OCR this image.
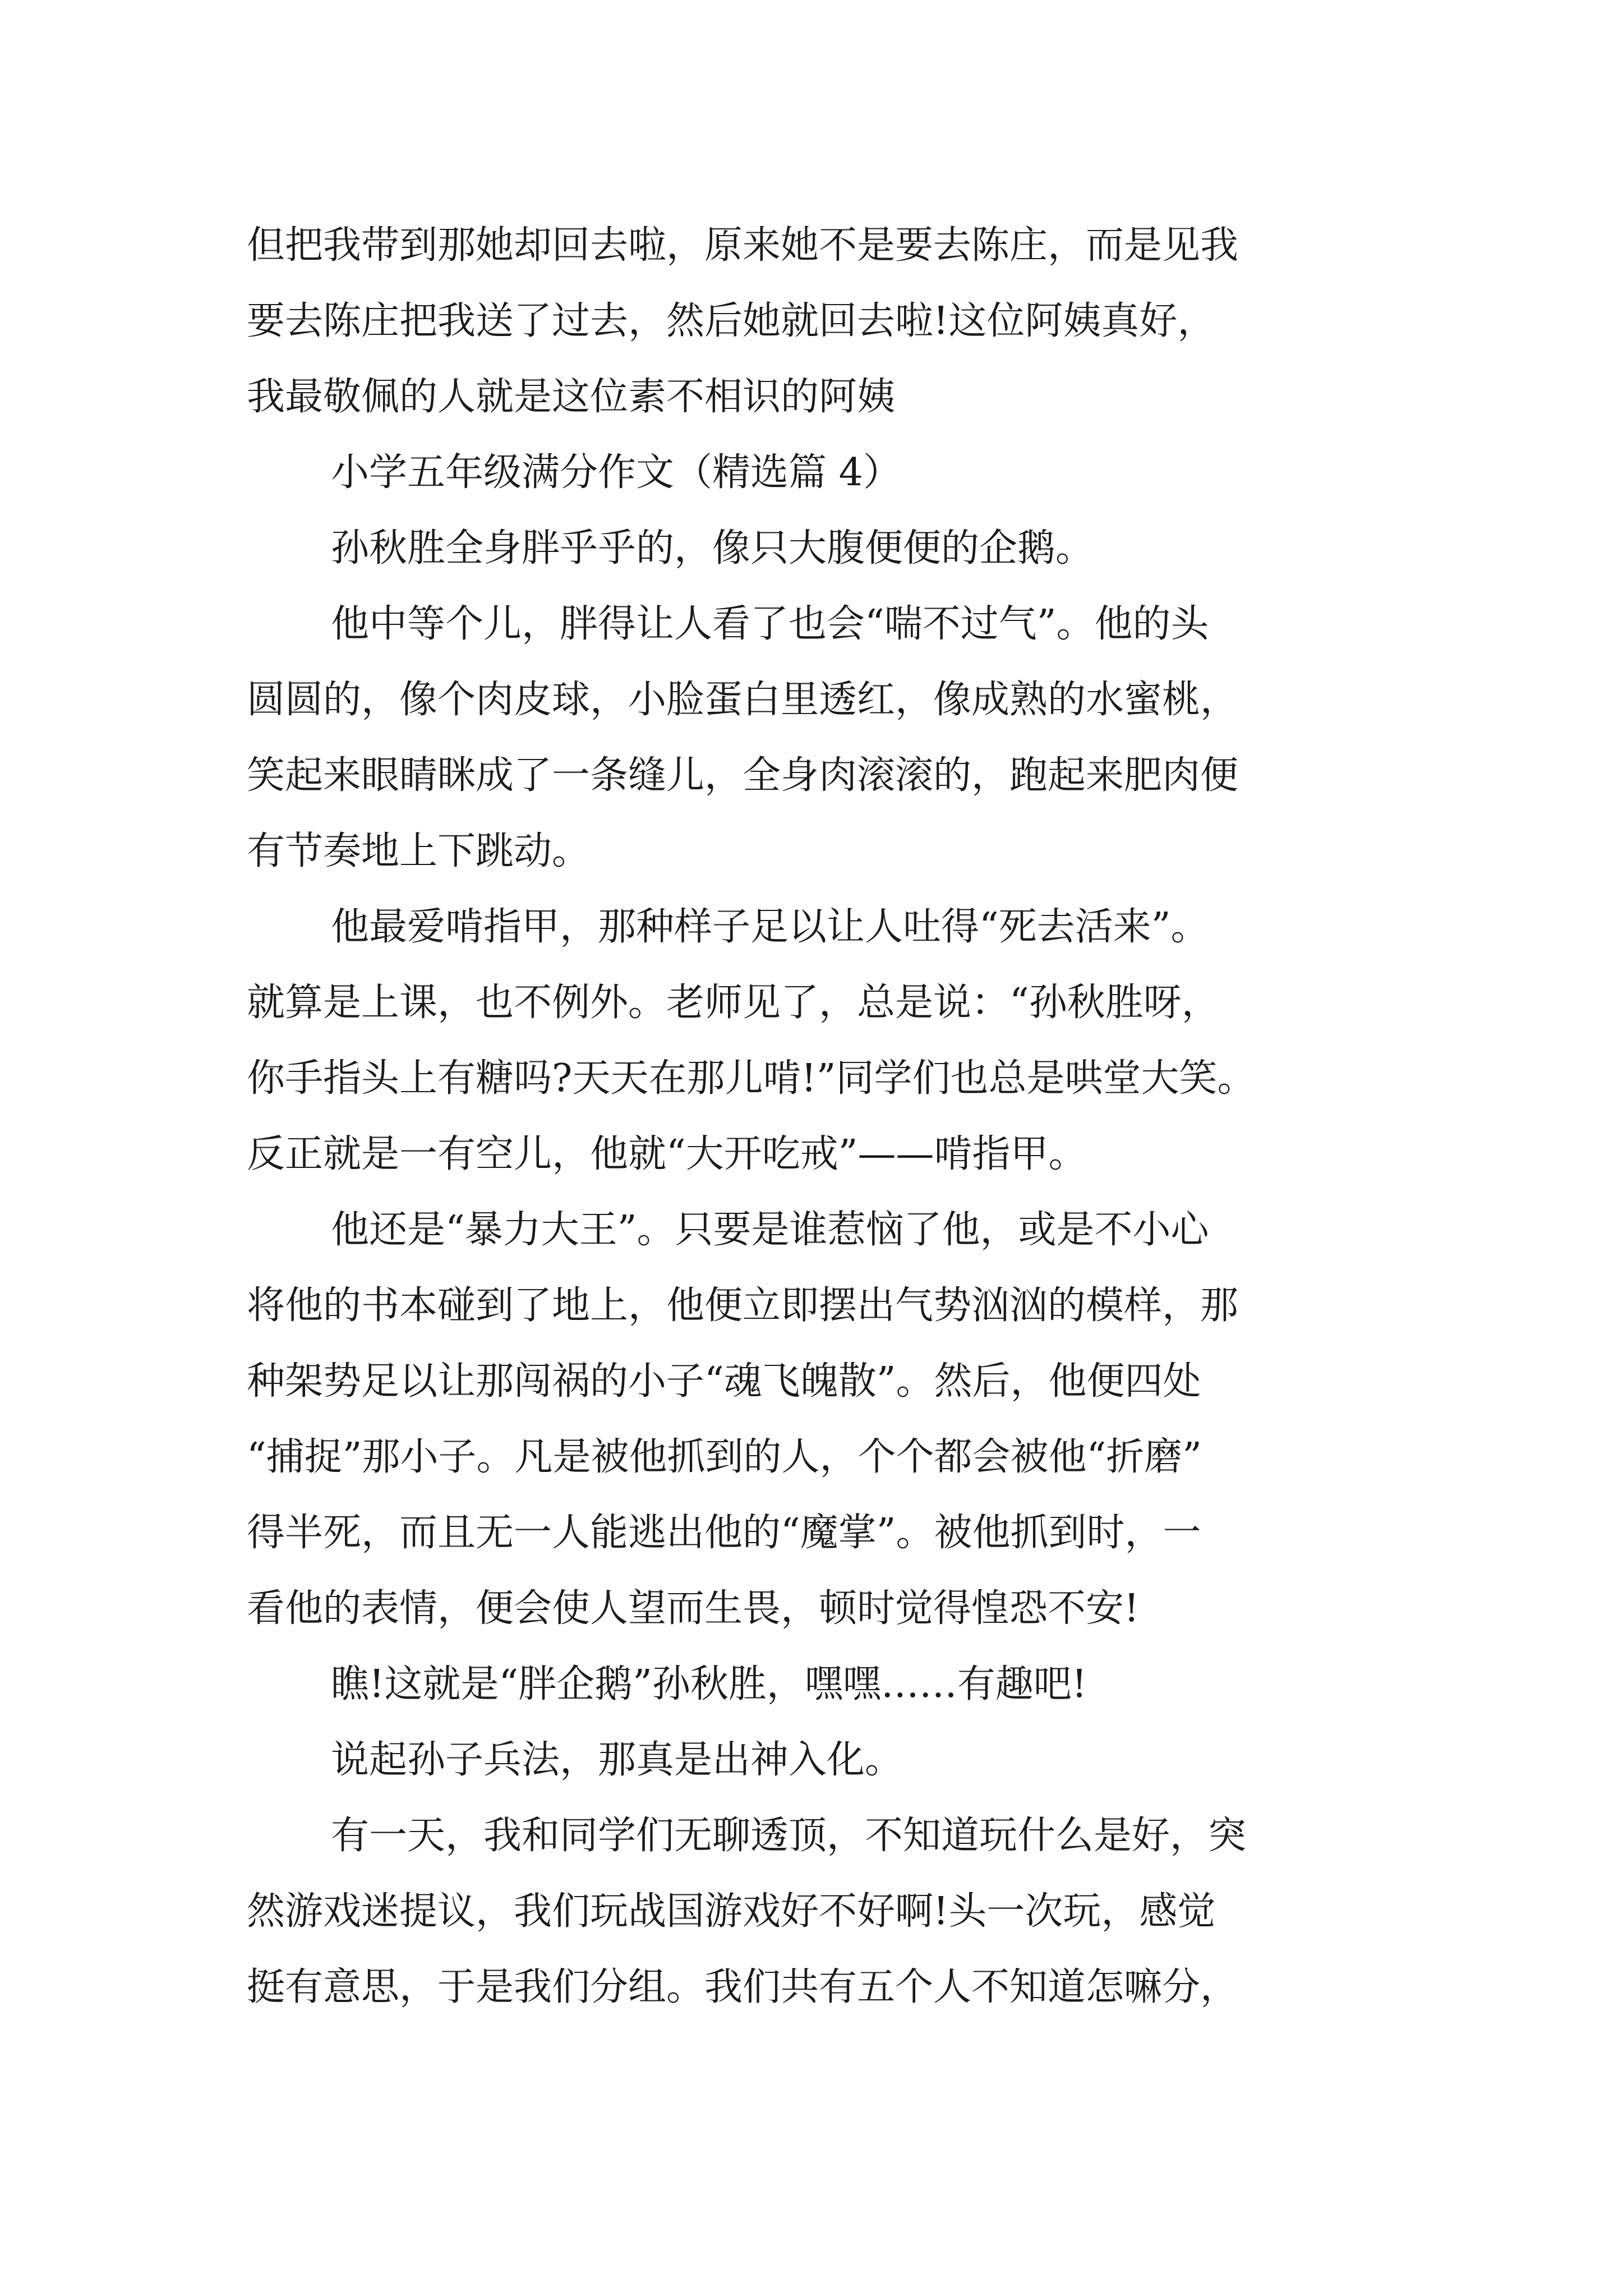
但把我带到那她却回去啦，原来她不是要去陈庄，而是见我
要去陈庄把我送了过去，然后她就回去啦!这位阿姨真好，
我最敬佩的人就是这位素不相识的阿姨
小学五年级满分作文（精选篇 4）
孙秋胜全身胖乎乎的，像只大腹便便的企鹅。
他中等个儿，胖得让人看了也会“喘不过气”。他的头
圆圆的，像个肉皮球，小脸蛋白里透红，像成熟的水蜜桃，
笑起来眼睛眯成了一条缝儿，全身肉滚滚的，跑起来肥肉便
有节奏地上下跳动。
他最爱啃指甲，那种样子足以让人吐得“死去活来”。
就算是上课，也不例外。老师见了，总是说：“孙秋胜呀，
你手指头上有糖吗?天天在那儿啃!”同学们也总是哄堂大笑。
反正就是一有空儿，他就“大开吃戒”——啃指甲。
他还是“暴力大王”。只要是谁惹恼了他，或是不小心
将他的书本碰到了地上，他便立即摆出气势汹汹的模样，那
种架势足以让那闯祸的小子“魂飞魄散”。然后，他便四处
“捕捉”那小子。凡是被他抓到的人，个个都会被他“折磨”
得半死，而且无一人能逃出他的“魔掌”。被他抓到时，一
看他的表情，便会使人望而生畏，顿时觉得惶恐不安!
瞧!这就是“胖企鹅”孙秋胜，嘿嘿……有趣吧!
说起孙子兵法，那真是出神入化。
有一天，我和同学们无聊透顶，不知道玩什么是好，突
然游戏迷提议，我们玩战国游戏好不好啊!头一次玩，感觉
挺有意思，于是我们分组。我们共有五个人不知道怎嘛分，
